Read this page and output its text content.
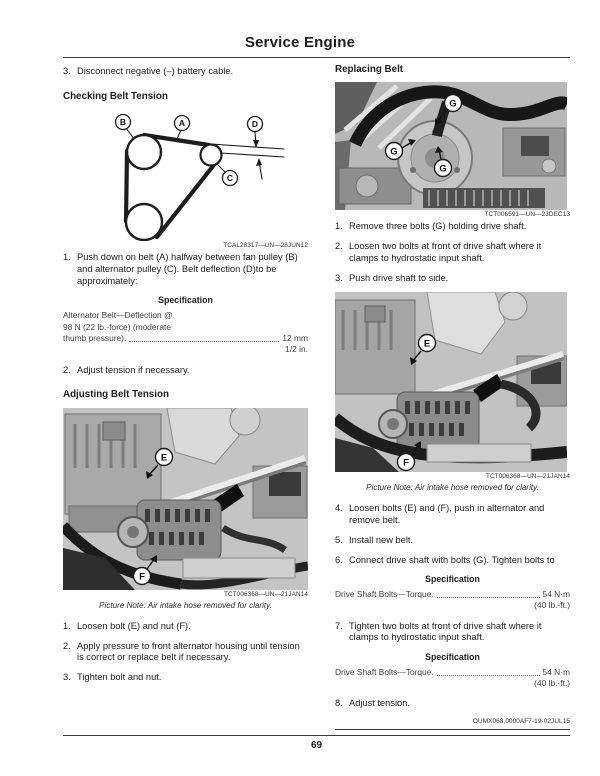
Service Engine
3. Disconnect negative (–) battery cable.
Checking Belt Tension
B	A	D
C
TCAL28317—UN—28JUN12
1. Push down on belt (A) halfway between fan pulley (B) and alternator pulley (C). Belt deflection (D)to be approximately:
Specification
Alternator Belt—Deflection @
98 N (22 lb.-force) (moderate
thumb pressure).	12 mm
1/2 in.
2. Adjust tension if necessary.
Adjusting Belt Tension
E
F
TCT006368—UN—21JAN14
Picture Note: Air intake hose removed for clarity.
1. Loosen bolt (E) and nut (F).
2. Apply pressure to front alternator housing until tension is correct or replace belt if necessary.
3. Tighten bolt and nut.
Replacing Belt
G
G
G
TCT006591—UN—23DEC13
1. Remove three bolts (G) holding drive shaft.
2. Loosen two bolts at front of drive shaft where it clamps to hydrostatic input shaft.
3. Push drive shaft to side.
E
F
TCT006368—UN—21JAN14
Picture Note: Air intake hose removed for clarity.
4. Loosen bolts (E) and (F), push in alternator and remove belt.
5. Install new belt.
6. Connect drive shaft with bolts (G). Tighten bolts to
Specification
Drive Shaft Bolts—Torque.	54 N·m
(40 lb.-ft.)
7. Tighten two bolts at front of drive shaft where it clamps to hydrostatic input shaft.
Specification
Drive Shaft Bolts—Torque.	54 N·m
(40 lb.-ft.)
8. Adjust tension.
OUMX068,0000AF7-19-02JUL15
69
